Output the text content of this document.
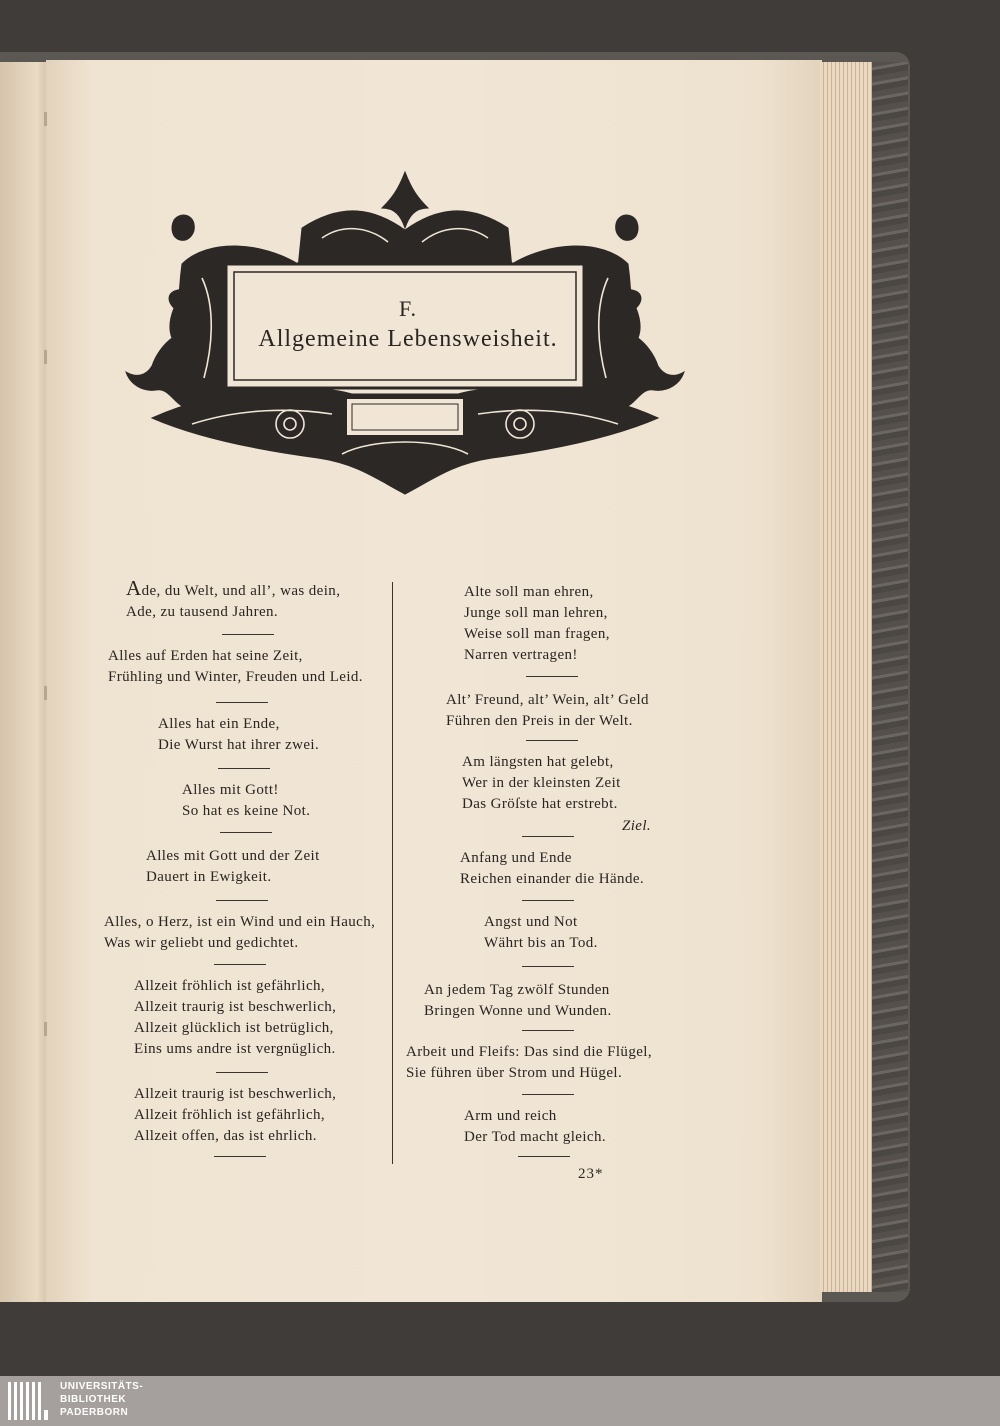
F.
Allgemeine Lebensweisheit.
Ade, du Welt, und all’, was dein,
Ade, zu tausend Jahren.
Alles auf Erden hat seine Zeit,
Frühling und Winter, Freuden und Leid.
Alles hat ein Ende,
Die Wurst hat ihrer zwei.
Alles mit Gott!
So hat es keine Not.
Alles mit Gott und der Zeit
Dauert in Ewigkeit.
Alles, o Herz, ist ein Wind und ein Hauch,
Was wir geliebt und gedichtet.
Allzeit fröhlich ist gefährlich,
Allzeit traurig ist beschwerlich,
Allzeit glücklich ist betrüglich,
Eins ums andre ist vergnüglich.
Allzeit traurig ist beschwerlich,
Allzeit fröhlich ist gefährlich,
Allzeit offen, das ist ehrlich.
Alte soll man ehren,
Junge soll man lehren,
Weise soll man fragen,
Narren vertragen!
Alt’ Freund, alt’ Wein, alt’ Geld
Führen den Preis in der Welt.
Am längsten hat gelebt,
Wer in der kleinsten Zeit
Das Gröſste hat erstrebt.
Ziel.
Anfang und Ende
Reichen einander die Hände.
Angst und Not
Währt bis an Tod.
An jedem Tag zwölf Stunden
Bringen Wonne und Wunden.
Arbeit und Fleifs: Das sind die Flügel,
Sie führen über Strom und Hügel.
Arm und reich
Der Tod macht gleich.
23*
UNIVERSITÄTS-
BIBLIOTHEK
PADERBORN
